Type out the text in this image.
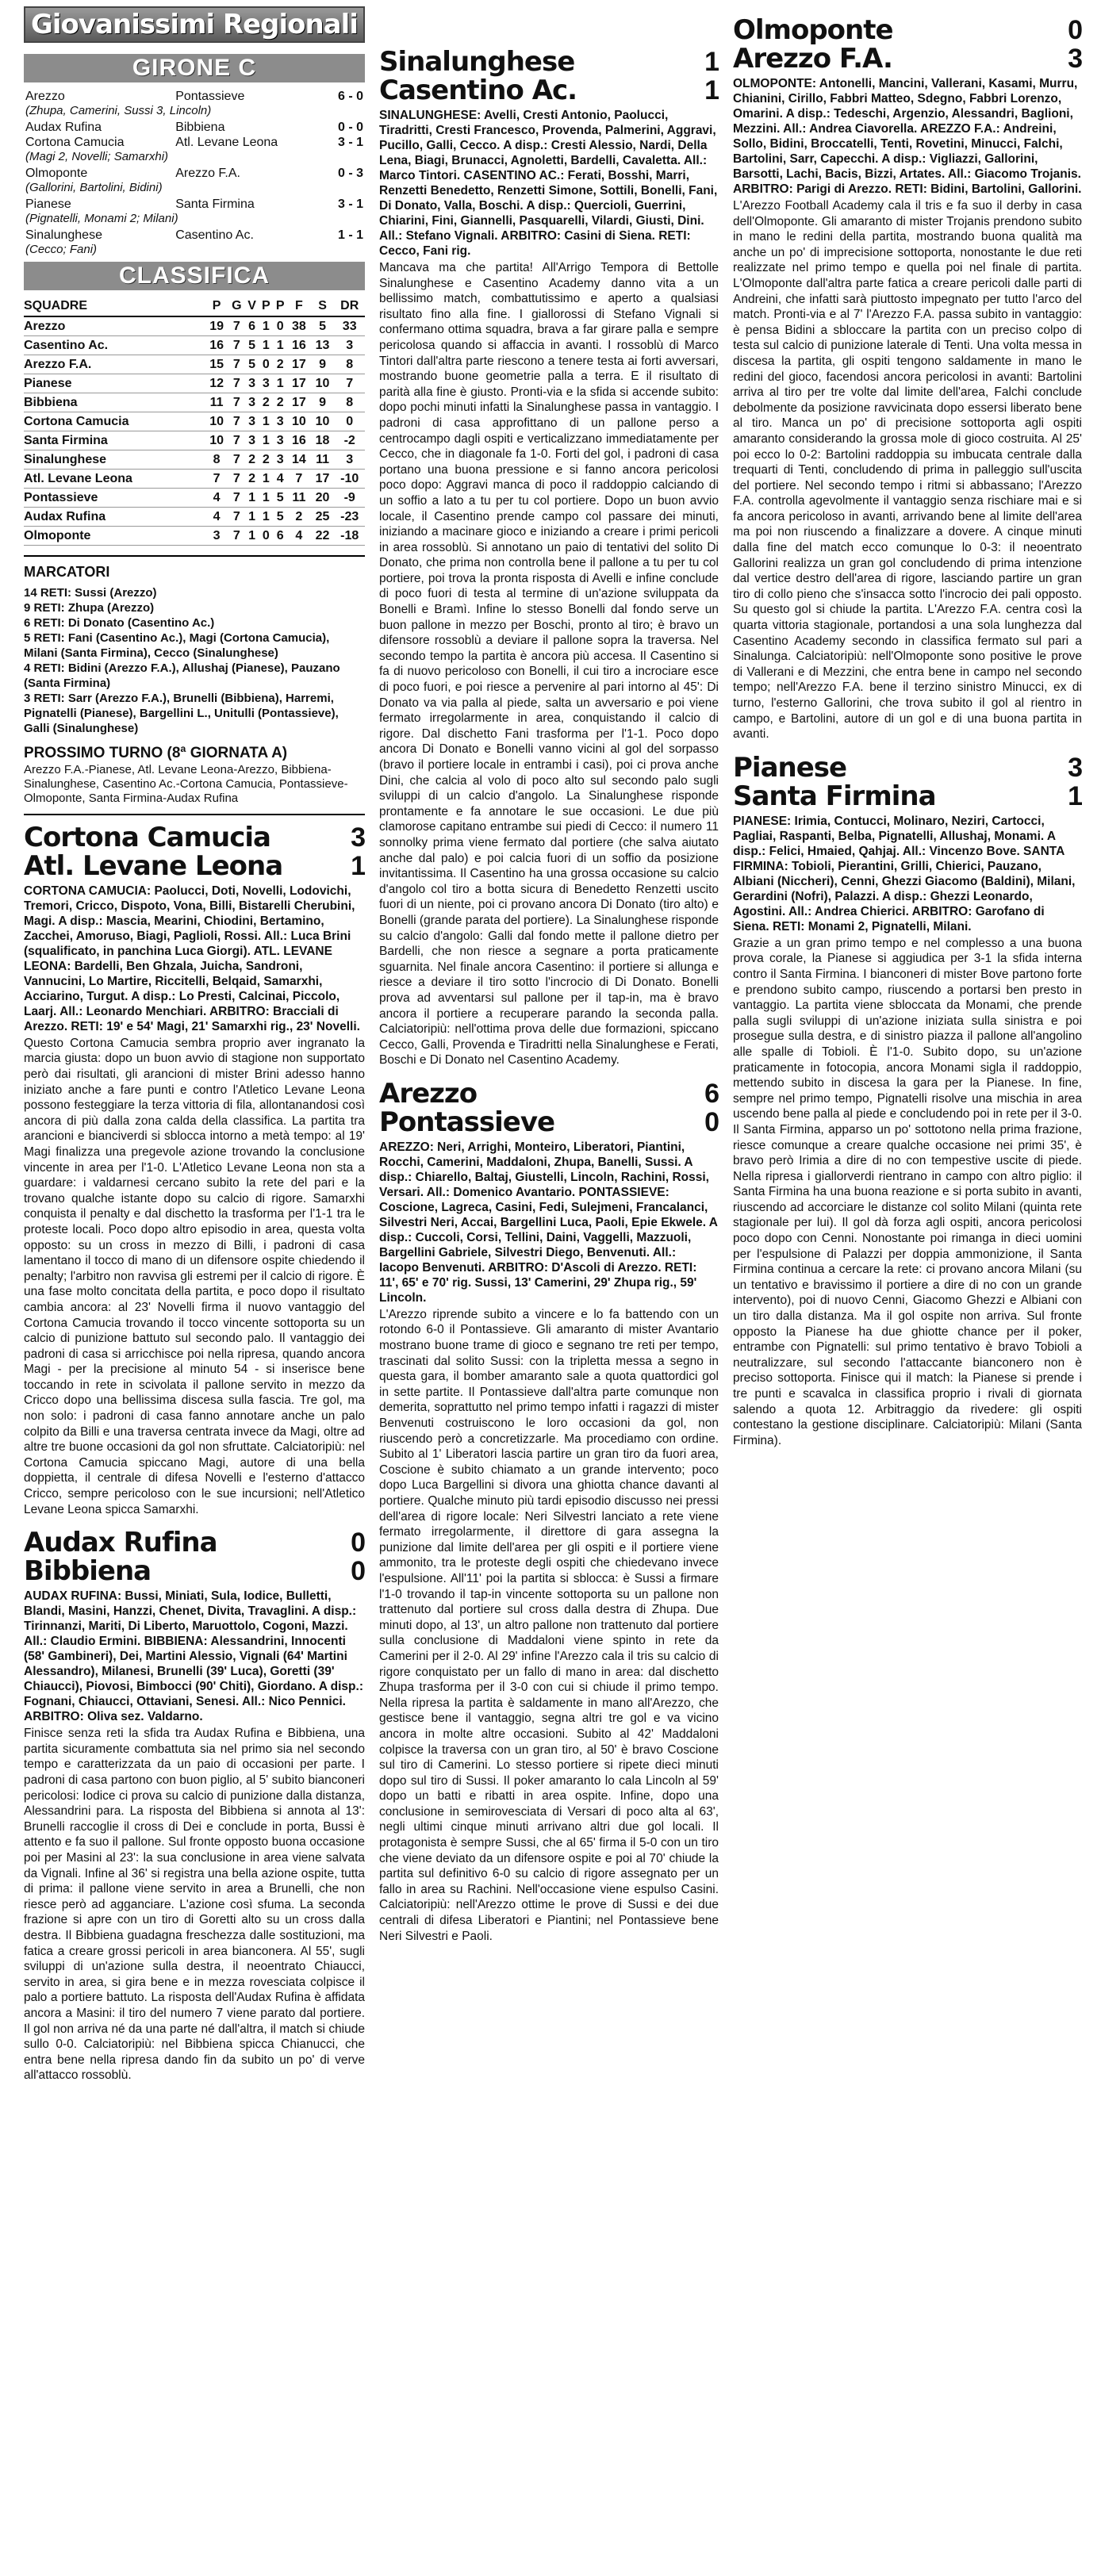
Giovanissimi Regionali
GIRONE C
Arezzo	Pontassieve	6 - 0
(Zhupa, Camerini, Sussi 3, Lincoln)
Audax Rufina	Bibbiena	0 - 0
Cortona Camucia	Atl. Levane Leona	3 - 1
(Magi 2, Novelli; Samarxhi)
Olmoponte	Arezzo F.A.	0 - 3
(Gallorini, Bartolini, Bidini)
Pianese	Santa Firmina	3 - 1
(Pignatelli, Monami 2; Milani)
Sinalunghese	Casentino Ac.	1 - 1
(Cecco; Fani)
CLASSIFICA
SQUADRE	P	G	V	P	P	F	S	DR
Arezzo	19	7	6	1	0	38	5	33
Casentino Ac.	16	7	5	1	1	16	13	3
Arezzo F.A.	15	7	5	0	2	17	9	8
Pianese	12	7	3	3	1	17	10	7
Bibbiena	11	7	3	2	2	17	9	8
Cortona Camucia	10	7	3	1	3	10	10	0
Santa Firmina	10	7	3	1	3	16	18	-2
Sinalunghese	8	7	2	2	3	14	11	3
Atl. Levane Leona	7	7	2	1	4	7	17	-10
Pontassieve	4	7	1	1	5	11	20	-9
Audax Rufina	4	7	1	1	5	2	25	-23
Olmoponte	3	7	1	0	6	4	22	-18
MARCATORI

14 RETI: Sussi (Arezzo)

9 RETI: Zhupa (Arezzo)

6 RETI: Di Donato (Casentino Ac.)

5 RETI: Fani (Casentino Ac.), Magi (Cortona Camucia), Milani (Santa Firmina), Cecco (Sinalunghese)

4 RETI: Bidini (Arezzo F.A.), Allushaj (Pianese), Pauzano (Santa Firmina)

3 RETI: Sarr (Arezzo F.A.), Brunelli (Bibbiena), Harremi, Pignatelli (Pianese), Bargellini L., Unitulli (Pontassieve), Galli (Sinalunghese)

PROSSIMO TURNO (8ª GIORNATA A)
Arezzo F.A.-Pianese, Atl. Levane Leona-Arezzo, Bibbiena-Sinalunghese, Casentino Ac.-Cortona Camucia, Pontassieve-Olmoponte, Santa Firmina-Audax Rufina
Cortona Camucia	3
Atl. Levane Leona	1
CORTONA CAMUCIA: Paolucci, Doti, Novelli, Lodovichi, Tremori, Cricco, Dispoto, Vona, Billi, Bistarelli Cherubini, Magi. A disp.: Mascia, Mearini, Chiodini, Bertamino, Zacchei, Amoruso, Biagi, Paglioli, Rossi. All.: Luca Brini (squalificato, in panchina Luca Giorgi). ATL. LEVANE LEONA: Bardelli, Ben Ghzala, Juicha, Sandroni, Vannucini, Lo Martire, Riccitelli, Belqaid, Samarxhi, Acciarino, Turgut. A disp.: Lo Presti, Calcinai, Piccolo, Laarj. All.: Leonardo Menchiari. ARBITRO: Bracciali di Arezzo. RETI: 19' e 54' Magi, 21' Samarxhi rig., 23' Novelli.
Questo Cortona Camucia sembra proprio aver ingranato la marcia giusta: dopo un buon avvio di stagione non supportato però dai risultati, gli arancioni di mister Brini adesso hanno iniziato anche a fare punti e contro l'Atletico Levane Leona possono festeggiare la terza vittoria di fila, allontanandosi così ancora di più dalla zona calda della classifica. La partita tra arancioni e bianciverdi si sblocca intorno a metà tempo: al 19' Magi finalizza una pregevole azione trovando la conclusione vincente in area per l'1-0. L'Atletico Levane Leona non sta a guardare: i valdarnesi cercano subito la rete del pari e la trovano qualche istante dopo su calcio di rigore. Samarxhi conquista il penalty e dal dischetto la trasforma per l'1-1 tra le proteste locali. Poco dopo altro episodio in area, questa volta opposto: su un cross in mezzo di Billi, i padroni di casa lamentano il tocco di mano di un difensore ospite chiedendo il penalty; l'arbitro non ravvisa gli estremi per il calcio di rigore. È una fase molto concitata della partita, e poco dopo il risultato cambia ancora: al 23' Novelli firma il nuovo vantaggio del Cortona Camucia trovando il tocco vincente sottoporta su un calcio di punizione battuto sul secondo palo. Il vantaggio dei padroni di casa si arricchisce poi nella ripresa, quando ancora Magi - per la precisione al minuto 54 - si inserisce bene toccando in rete in scivolata il pallone servito in mezzo da Cricco dopo una bellissima discesa sulla fascia. Tre gol, ma non solo: i padroni di casa fanno annotare anche un palo colpito da Billi e una traversa centrata invece da Magi, oltre ad altre tre buone occasioni da gol non sfruttate. Calciatoripiù: nel Cortona Camucia spiccano Magi, autore di una bella doppietta, il centrale di difesa Novelli e l'esterno d'attacco Cricco, sempre pericoloso con le sue incursioni; nell'Atletico Levane Leona spicca Samarxhi.
Audax Rufina	0
Bibbiena	0
AUDAX RUFINA: Bussi, Miniati, Sula, Iodice, Bulletti, Blandi, Masini, Hanzzi, Chenet, Divita, Travaglini. A disp.: Tirinnanzi, Mariti, Di Liberto, Maruottolo, Cogoni, Mazzi. All.: Claudio Ermini. BIBBIENA: Alessandrini, Innocenti (58' Gambineri), Dei, Martini Alessio, Vignali (64' Martini Alessandro), Milanesi, Brunelli (39' Luca), Goretti (39' Chiaucci), Piovosi, Bimbocci (90' Chiti), Giordano. A disp.: Fognani, Chiaucci, Ottaviani, Senesi. All.: Nico Pennici. ARBITRO: Oliva sez. Valdarno.
Finisce senza reti la sfida tra Audax Rufina e Bibbiena, una partita sicuramente combattuta sia nel primo sia nel secondo tempo e caratterizzata da un paio di occasioni per parte. I padroni di casa partono con buon piglio, al 5' subito bianconeri pericolosi: Iodice ci prova su calcio di punizione dalla distanza, Alessandrini para. La risposta del Bibbiena si annota al 13': Brunelli raccoglie il cross di Dei e conclude in porta, Bussi è attento e fa suo il pallone. Sul fronte opposto buona occasione poi per Masini al 23': la sua conclusione in area viene salvata da Vignali. Infine al 36' si registra una bella azione ospite, tutta di prima: il pallone viene servito in area a Brunelli, che non riesce però ad agganciare. L'azione così sfuma. La seconda frazione si apre con un tiro di Goretti alto su un cross dalla destra. Il Bibbiena guadagna freschezza dalle sostituzioni, ma fatica a creare grossi pericoli in area bianconera. Al 55', sugli sviluppi di un'azione sulla destra, il neoentrato Chiaucci, servito in area, si gira bene e in mezza rovesciata colpisce il palo a portiere battuto. La risposta dell'Audax Rufina è affidata ancora a Masini: il tiro del numero 7 viene parato dal portiere. Il gol non arriva né da una parte né dall'altra, il match si chiude sullo 0-0. Calciatoripiù: nel Bibbiena spicca Chianucci, che entra bene nella ripresa dando fin da subito un po' di verve all'attacco rossoblù.
Sinalunghese	1
Casentino Ac.	1
SINALUNGHESE: Avelli, Cresti Antonio, Paolucci, Tiradritti, Cresti Francesco, Provenda, Palmerini, Aggravi, Pucillo, Galli, Cecco. A disp.: Cresti Alessio, Nardi, Della Lena, Biagi, Brunacci, Agnoletti, Bardelli, Cavaletta. All.: Marco Tintori. CASENTINO AC.: Ferati, Bosshi, Marri, Renzetti Benedetto, Renzetti Simone, Sottili, Bonelli, Fani, Di Donato, Valla, Boschi. A disp.: Quercioli, Guerrini, Chiarini, Fini, Giannelli, Pasquarelli, Vilardi, Giusti, Dini. All.: Stefano Vignali. ARBITRO: Casini di Siena. RETI: Cecco, Fani rig.
Mancava ma che partita! All'Arrigo Tempora di Bettolle Sinalunghese e Casentino Academy danno vita a un bellissimo match, combattutissimo e aperto a qualsiasi risultato fino alla fine. I giallorossi di Stefano Vignali si confermano ottima squadra, brava a far girare palla e sempre pericolosa quando si affaccia in avanti. I rossoblù di Marco Tintori dall'altra parte riescono a tenere testa ai forti avversari, mostrando buone geometrie palla a terra. E il risultato di parità alla fine è giusto. Pronti-via e la sfida si accende subito: dopo pochi minuti infatti la Sinalunghese passa in vantaggio. I padroni di casa approfittano di un pallone perso a centrocampo dagli ospiti e verticalizzano immediatamente per Cecco, che in diagonale fa 1-0. Forti del gol, i padroni di casa portano una buona pressione e si fanno ancora pericolosi poco dopo: Aggravi manca di poco il raddoppio calciando di un soffio a lato a tu per tu col portiere. Dopo un buon avvio locale, il Casentino prende campo col passare dei minuti, iniziando a macinare gioco e iniziando a creare i primi pericoli in area rossoblù. Si annotano un paio di tentativi del solito Di Donato, che prima non controlla bene il pallone a tu per tu col portiere, poi trova la pronta risposta di Avelli e infine conclude di poco fuori di testa al termine di un'azione sviluppata da Bonelli e Bramì. Infine lo stesso Bonelli dal fondo serve un buon pallone in mezzo per Boschi, pronto al tiro; è bravo un difensore rossoblù a deviare il pallone sopra la traversa. Nel secondo tempo la partita è ancora più accesa. Il Casentino si fa di nuovo pericoloso con Bonelli, il cui tiro a incrociare esce di poco fuori, e poi riesce a pervenire al pari intorno al 45': Di Donato va via palla al piede, salta un avversario e poi viene fermato irregolarmente in area, conquistando il calcio di rigore. Dal dischetto Fani trasforma per l'1-1. Poco dopo ancora Di Donato e Bonelli vanno vicini al gol del sorpasso (bravo il portiere locale in entrambi i casi), poi ci prova anche Dini, che calcia al volo di poco alto sul secondo palo sugli sviluppi di un calcio d'angolo. La Sinalunghese risponde prontamente e fa annotare le sue occasioni. Le due più clamorose capitano entrambe sui piedi di Cecco: il numero 11 sonnolky prima viene fermato dal portiere (che salva aiutato anche dal palo) e poi calcia fuori di un soffio da posizione invitantissima. Il Casentino ha una grossa occasione su calcio d'angolo col tiro a botta sicura di Benedetto Renzetti uscito fuori di un niente, poi ci provano ancora Di Donato (tiro alto) e Bonelli (grande parata del portiere). La Sinalunghese risponde su calcio d'angolo: Galli dal fondo mette il pallone dietro per Bardelli, che non riesce a segnare a porta praticamente sguarnita. Nel finale ancora Casentino: il portiere si allunga e riesce a deviare il tiro sotto l'incrocio di Di Donato. Bonelli prova ad avventarsi sul pallone per il tap-in, ma è bravo ancora il portiere a recuperare parando la seconda palla. Calciatoripiù: nell'ottima prova delle due formazioni, spiccano Cecco, Galli, Provenda e Tiradritti nella Sinalunghese e Ferati, Boschi e Di Donato nel Casentino Academy.
Arezzo	6
Pontassieve	0
AREZZO: Neri, Arrighi, Monteiro, Liberatori, Piantini, Rocchi, Camerini, Maddaloni, Zhupa, Banelli, Sussi. A disp.: Chiarello, Baltaj, Giustelli, Lincoln, Rachini, Rossi, Versari. All.: Domenico Avantario. PONTASSIEVE: Coscione, Lagreca, Casini, Fedi, Sulejmeni, Francalanci, Silvestri Neri, Accai, Bargellini Luca, Paoli, Epie Ekwele. A disp.: Cuccoli, Corsi, Tellini, Daini, Vaggelli, Mazzuoli, Bargellini Gabriele, Silvestri Diego, Benvenuti. All.: Iacopo Benvenuti. ARBITRO: D'Ascoli di Arezzo. RETI: 11', 65' e 70' rig. Sussi, 13' Camerini, 29' Zhupa rig., 59' Lincoln.
L'Arezzo riprende subito a vincere e lo fa battendo con un rotondo 6-0 il Pontassieve. Gli amaranto di mister Avantario mostrano buone trame di gioco e segnano tre reti per tempo, trascinati dal solito Sussi: con la tripletta messa a segno in questa gara, il bomber amaranto sale a quota quattordici gol in sette partite. Il Pontassieve dall'altra parte comunque non demerita, soprattutto nel primo tempo infatti i ragazzi di mister Benvenuti costruiscono le loro occasioni da gol, non riuscendo però a concretizzarle. Ma procediamo con ordine. Subito al 1' Liberatori lascia partire un gran tiro da fuori area, Coscione è subito chiamato a un grande intervento; poco dopo Luca Bargellini si divora una ghiotta chance davanti al portiere. Qualche minuto più tardi episodio discusso nei pressi dell'area di rigore locale: Neri Silvestri lanciato a rete viene fermato irregolarmente, il direttore di gara assegna la punizione dal limite dell'area per gli ospiti e il portiere viene ammonito, tra le proteste degli ospiti che chiedevano invece l'espulsione. All'11' poi la partita si sblocca: è Sussi a firmare l'1-0 trovando il tap-in vincente sottoporta su un pallone non trattenuto dal portiere sul cross dalla destra di Zhupa. Due minuti dopo, al 13', un altro pallone non trattenuto dal portiere sulla conclusione di Maddaloni viene spinto in rete da Camerini per il 2-0. Al 29' infine l'Arezzo cala il tris su calcio di rigore conquistato per un fallo di mano in area: dal dischetto Zhupa trasforma per il 3-0 con cui si chiude il primo tempo. Nella ripresa la partita è saldamente in mano all'Arezzo, che gestisce bene il vantaggio, segna altri tre gol e va vicino ancora in molte altre occasioni. Subito al 42' Maddaloni colpisce la traversa con un gran tiro, al 50' è bravo Coscione sul tiro di Camerini. Lo stesso portiere si ripete dieci minuti dopo sul tiro di Sussi. Il poker amaranto lo cala Lincoln al 59' dopo un batti e ribatti in area ospite. Infine, dopo una conclusione in semirovesciata di Versari di poco alta al 63', negli ultimi cinque minuti arrivano altri due gol locali. Il protagonista è sempre Sussi, che al 65' firma il 5-0 con un tiro che viene deviato da un difensore ospite e poi al 70' chiude la partita sul definitivo 6-0 su calcio di rigore assegnato per un fallo in area su Rachini. Nell'occasione viene espulso Casini. Calciatoripiù: nell'Arezzo ottime le prove di Sussi e dei due centrali di difesa Liberatori e Piantini; nel Pontassieve bene Neri Silvestri e Paoli.
Olmoponte	0
Arezzo F.A.	3
OLMOPONTE: Antonelli, Mancini, Vallerani, Kasami, Murru, Chianini, Cirillo, Fabbri Matteo, Sdegno, Fabbri Lorenzo, Omarini. A disp.: Tedeschi, Argenzio, Alessandri, Baglioni, Mezzini. All.: Andrea Ciavorella. AREZZO F.A.: Andreini, Sollo, Bidini, Broccatelli, Tenti, Rovetini, Minucci, Falchi, Bartolini, Sarr, Capecchi. A disp.: Vigliazzi, Gallorini, Barsotti, Lachi, Bacis, Bizzi, Artates. All.: Giacomo Trojanis. ARBITRO: Parigi di Arezzo. RETI: Bidini, Bartolini, Gallorini.
L'Arezzo Football Academy cala il tris e fa suo il derby in casa dell'Olmoponte. Gli amaranto di mister Trojanis prendono subito in mano le redini della partita, mostrando buona qualità ma anche un po' di imprecisione sottoporta, nonostante le due reti realizzate nel primo tempo e quella poi nel finale di partita. L'Olmoponte dall'altra parte fatica a creare pericoli dalle parti di Andreini, che infatti sarà piuttosto impegnato per tutto l'arco del match. Pronti-via e al 7' l'Arezzo F.A. passa subito in vantaggio: è pensa Bidini a sbloccare la partita con un preciso colpo di testa sul calcio di punizione laterale di Tenti. Una volta messa in discesa la partita, gli ospiti tengono saldamente in mano le redini del gioco, facendosi ancora pericolosi in avanti: Bartolini arriva al tiro per tre volte dal limite dell'area, Falchi conclude debolmente da posizione ravvicinata dopo essersi liberato bene al tiro. Manca un po' di precisione sottoporta agli ospiti amaranto considerando la grossa mole di gioco costruita. Al 25' poi ecco lo 0-2: Bartolini raddoppia su imbucata centrale dalla trequarti di Tenti, concludendo di prima in palleggio sull'uscita del portiere. Nel secondo tempo i ritmi si abbassano; l'Arezzo F.A. controlla agevolmente il vantaggio senza rischiare mai e si fa ancora pericoloso in avanti, arrivando bene al limite dell'area ma poi non riuscendo a finalizzare a dovere. A cinque minuti dalla fine del match ecco comunque lo 0-3: il neoentrato Gallorini realizza un gran gol concludendo di prima intenzione dal vertice destro dell'area di rigore, lasciando partire un gran tiro di collo pieno che s'insacca sotto l'incrocio dei pali opposto. Su questo gol si chiude la partita. L'Arezzo F.A. centra così la quarta vittoria stagionale, portandosi a una sola lunghezza dal Casentino Academy secondo in classifica fermato sul pari a Sinalunga. Calciatoripiù: nell'Olmoponte sono positive le prove di Vallerani e di Mezzini, che entra bene in campo nel secondo tempo; nell'Arezzo F.A. bene il terzino sinistro Minucci, ex di turno, l'esterno Gallorini, che trova subito il gol al rientro in campo, e Bartolini, autore di un gol e di una buona partita in avanti.
Pianese	3
Santa Firmina	1
PIANESE: Irimia, Contucci, Molinaro, Neziri, Cartocci, Pagliai, Raspanti, Belba, Pignatelli, Allushaj, Monami. A disp.: Felici, Hmaied, Qahjaj. All.: Vincenzo Bove. SANTA FIRMINA: Tobioli, Pierantini, Grilli, Chierici, Pauzano, Albiani (Niccheri), Cenni, Ghezzi Giacomo (Baldini), Milani, Gerardini (Nofri), Palazzi. A disp.: Ghezzi Leonardo, Agostini. All.: Andrea Chierici. ARBITRO: Garofano di Siena. RETI: Monami 2, Pignatelli, Milani.
Grazie a un gran primo tempo e nel complesso a una buona prova corale, la Pianese si aggiudica per 3-1 la sfida interna contro il Santa Firmina. I bianconeri di mister Bove partono forte e prendono subito campo, riuscendo a portarsi ben presto in vantaggio. La partita viene sbloccata da Monami, che prende palla sugli sviluppi di un'azione iniziata sulla sinistra e poi prosegue sulla destra, e di sinistro piazza il pallone all'angolino alle spalle di Tobioli. È l'1-0. Subito dopo, su un'azione praticamente in fotocopia, ancora Monami sigla il raddoppio, mettendo subito in discesa la gara per la Pianese. In fine, sempre nel primo tempo, Pignatelli risolve una mischia in area uscendo bene palla al piede e concludendo poi in rete per il 3-0. Il Santa Firmina, apparso un po' sottotono nella prima frazione, riesce comunque a creare qualche occasione nei primi 35', è bravo però Irimia a dire di no con tempestive uscite di piede. Nella ripresa i giallorverdi rientrano in campo con altro piglio: il Santa Firmina ha una buona reazione e si porta subito in avanti, riuscendo ad accorciare le distanze col solito Milani (quinta rete stagionale per lui). Il gol dà forza agli ospiti, ancora pericolosi poco dopo con Cenni. Nonostante poi rimanga in dieci uomini per l'espulsione di Palazzi per doppia ammonizione, il Santa Firmina continua a cercare la rete: ci provano ancora Milani (su un tentativo e bravissimo il portiere a dire di no con un grande intervento), poi di nuovo Cenni, Giacomo Ghezzi e Albiani con un tiro dalla distanza. Ma il gol ospite non arriva. Sul fronte opposto la Pianese ha due ghiotte chance per il poker, entrambe con Pignatelli: sul primo tentativo è bravo Tobioli a neutralizzare, sul secondo l'attaccante bianconero non è preciso sottoporta. Finisce qui il match: la Pianese si prende i tre punti e scavalca in classifica proprio i rivali di giornata salendo a quota 12. Arbitraggio da rivedere: gli ospiti contestano la gestione disciplinare. Calciatoripiù: Milani (Santa Firmina).
